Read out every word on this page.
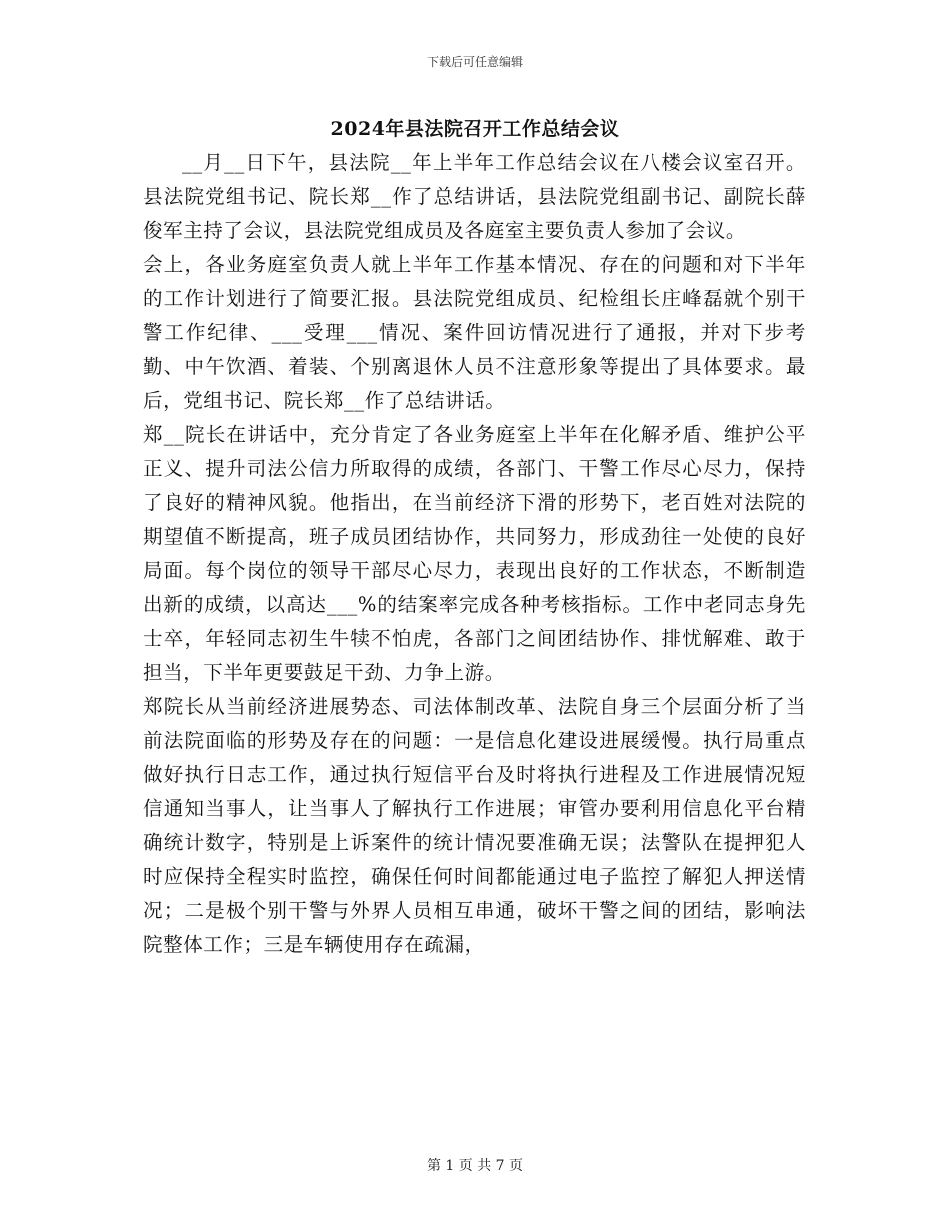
下载后可任意编辑
2024年县法院召开工作总结会议

__月__日下午，县法院__年上半年工作总结会议在八楼会议室召开。县法院党组书记、院长郑__作了总结讲话，县法院党组副书记、副院长薛俊军主持了会议，县法院党组成员及各庭室主要负责人参加了会议。

会上，各业务庭室负责人就上半年工作基本情况、存在的问题和对下半年的工作计划进行了简要汇报。县法院党组成员、纪检组长庄峰磊就个别干警工作纪律、___受理___情况、案件回访情况进行了通报，并对下步考勤、中午饮酒、着装、个别离退休人员不注意形象等提出了具体要求。最后，党组书记、院长郑__作了总结讲话。

郑__院长在讲话中，充分肯定了各业务庭室上半年在化解矛盾、维护公平正义、提升司法公信力所取得的成绩，各部门、干警工作尽心尽力，保持了良好的精神风貌。他指出，在当前经济下滑的形势下，老百姓对法院的期望值不断提高，班子成员团结协作，共同努力，形成劲往一处使的良好局面。每个岗位的领导干部尽心尽力，表现出良好的工作状态，不断制造出新的成绩，以高达___%的结案率完成各种考核指标。工作中老同志身先士卒，年轻同志初生牛犊不怕虎，各部门之间团结协作、排忧解难、敢于担当，下半年更要鼓足干劲、力争上游。

郑院长从当前经济进展势态、司法体制改革、法院自身三个层面分析了当前法院面临的形势及存在的问题：一是信息化建设进展缓慢。执行局重点做好执行日志工作，通过执行短信平台及时将执行进程及工作进展情况短信通知当事人，让当事人了解执行工作进展；审管办要利用信息化平台精确统计数字，特别是上诉案件的统计情况要准确无误；法警队在提押犯人时应保持全程实时监控，确保任何时间都能通过电子监控了解犯人押送情况；二是极个别干警与外界人员相互串通，破坏干警之间的团结，影响法院整体工作；三是车辆使用存在疏漏，

第 1 页 共 7 页
